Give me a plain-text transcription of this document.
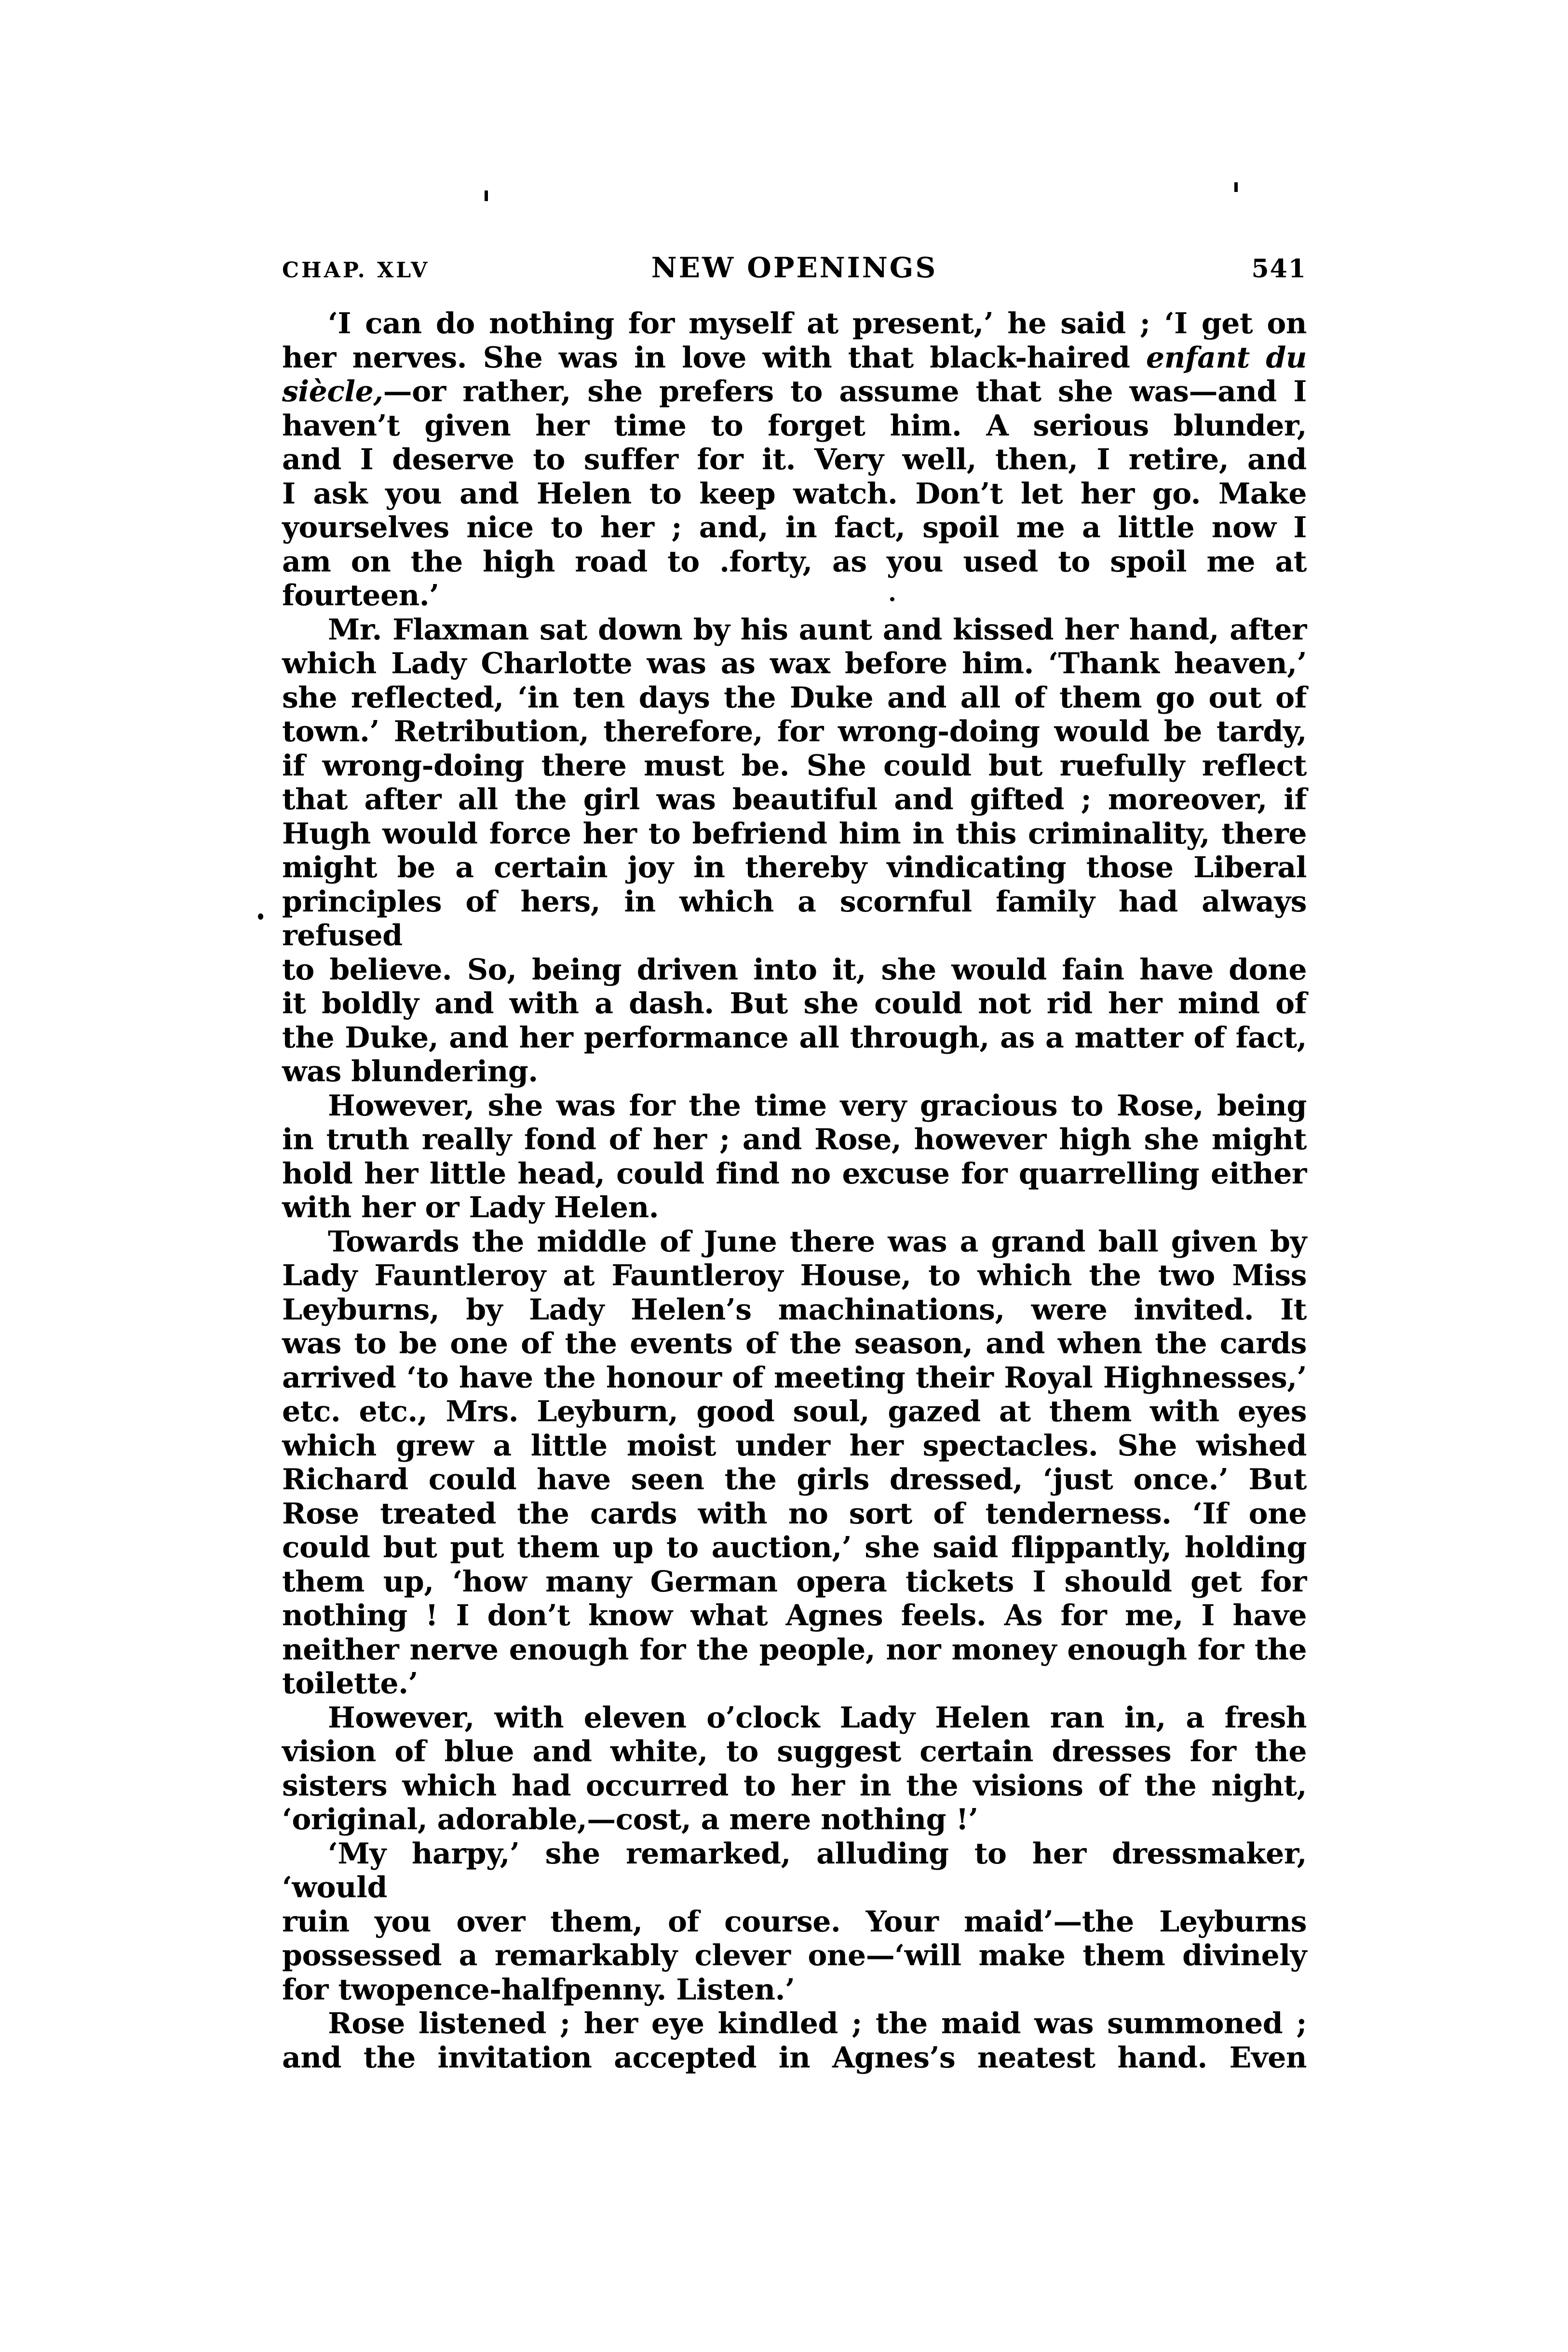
CHAP. XLV	NEW OPENINGS	541
‘I can do nothing for myself at present,’ he said ; ‘I get on
her nerves. She was in love with that black-haired enfant du
siècle,—or rather, she prefers to assume that she was—and I
haven’t given her time to forget him. A serious blunder,
and I deserve to suffer for it. Very well, then, I retire, and
I ask you and Helen to keep watch. Don’t let her go. Make
yourselves nice to her ; and, in fact, spoil me a little now I
am on the high road to .forty, as you used to spoil me at
fourteen.’
Mr. Flaxman sat down by his aunt and kissed her hand, after
which Lady Charlotte was as wax before him. ‘Thank heaven,’
she reflected, ‘in ten days the Duke and all of them go out of
town.’ Retribution, therefore, for wrong-doing would be tardy,
if wrong-doing there must be. She could but ruefully reflect
that after all the girl was beautiful and gifted ; moreover, if
Hugh would force her to befriend him in this criminality, there
might be a certain joy in thereby vindicating those Liberal
principles of hers, in which a scornful family had always refused
to believe. So, being driven into it, she would fain have done
it boldly and with a dash. But she could not rid her mind of
the Duke, and her performance all through, as a matter of fact,
was blundering.
However, she was for the time very gracious to Rose, being
in truth really fond of her ; and Rose, however high she might
hold her little head, could find no excuse for quarrelling either
with her or Lady Helen.
Towards the middle of June there was a grand ball given by
Lady Fauntleroy at Fauntleroy House, to which the two Miss
Leyburns, by Lady Helen’s machinations, were invited. It
was to be one of the events of the season, and when the cards
arrived ‘to have the honour of meeting their Royal Highnesses,’
etc. etc., Mrs. Leyburn, good soul, gazed at them with eyes
which grew a little moist under her spectacles. She wished
Richard could have seen the girls dressed, ‘just once.’ But
Rose treated the cards with no sort of tenderness. ‘If one
could but put them up to auction,’ she said flippantly, holding
them up, ‘how many German opera tickets I should get for
nothing ! I don’t know what Agnes feels. As for me, I have
neither nerve enough for the people, nor money enough for the
toilette.’
However, with eleven o’clock Lady Helen ran in, a fresh
vision of blue and white, to suggest certain dresses for the
sisters which had occurred to her in the visions of the night,
‘original, adorable,—cost, a mere nothing !’
‘My harpy,’ she remarked, alluding to her dressmaker, ‘would
ruin you over them, of course. Your maid’—the Leyburns
possessed a remarkably clever one—‘will make them divinely
for twopence-halfpenny. Listen.’
Rose listened ; her eye kindled ; the maid was summoned ;
and the invitation accepted in Agnes’s neatest hand. Even
